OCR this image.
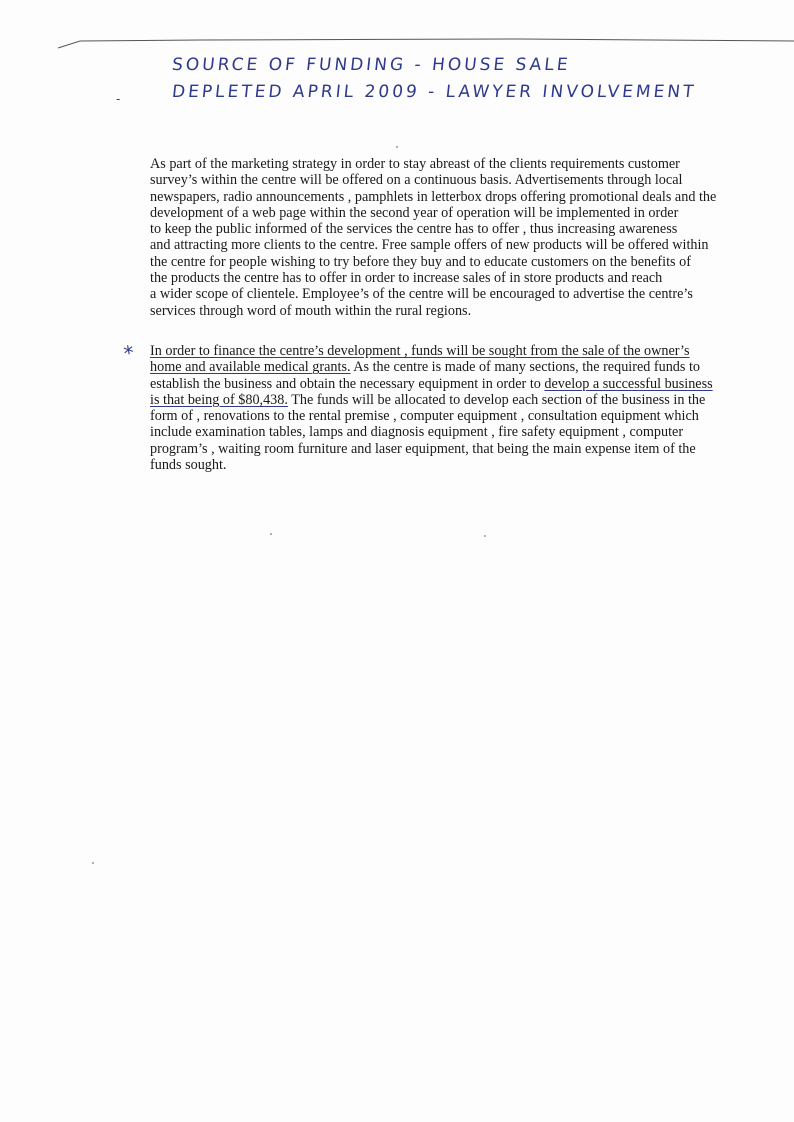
SOURCE OF FUNDING - HOUSE SALE
DEPLETED APRIL 2009 - LAWYER INVOLVEMENT
-

As part of the marketing strategy in order to stay abreast of the clients requirements customer
survey’s within the centre will be offered on a continuous basis. Advertisements through local
newspapers, radio announcements , pamphlets in letterbox drops offering promotional deals and the
development of a web page within the second year of operation will be implemented in order
to keep the public informed of the services the centre has to offer , thus increasing awareness
and attracting more clients to the centre. Free sample offers of new products will be offered within
the centre for people wishing to try before they buy and to educate customers on the benefits of
the products the centre has to offer in order to increase sales of in store products and reach
a wider scope of clientele. Employee’s of the centre will be encouraged to advertise the centre’s
services through word of mouth within the rural regions.

* In order to finance the centre’s development , funds will be sought from the sale of the owner’s
home and available medical grants. As the centre is made of many sections, the required funds to
establish the business and obtain the necessary equipment in order to develop a successful business
is that being of $80,438. The funds will be allocated to develop each section of the business in the
form of , renovations to the rental premise , computer equipment , consultation equipment which
include examination tables, lamps and diagnosis equipment , fire safety equipment , computer
program’s , waiting room furniture and laser equipment, that being the main expense item of the
funds sought.
